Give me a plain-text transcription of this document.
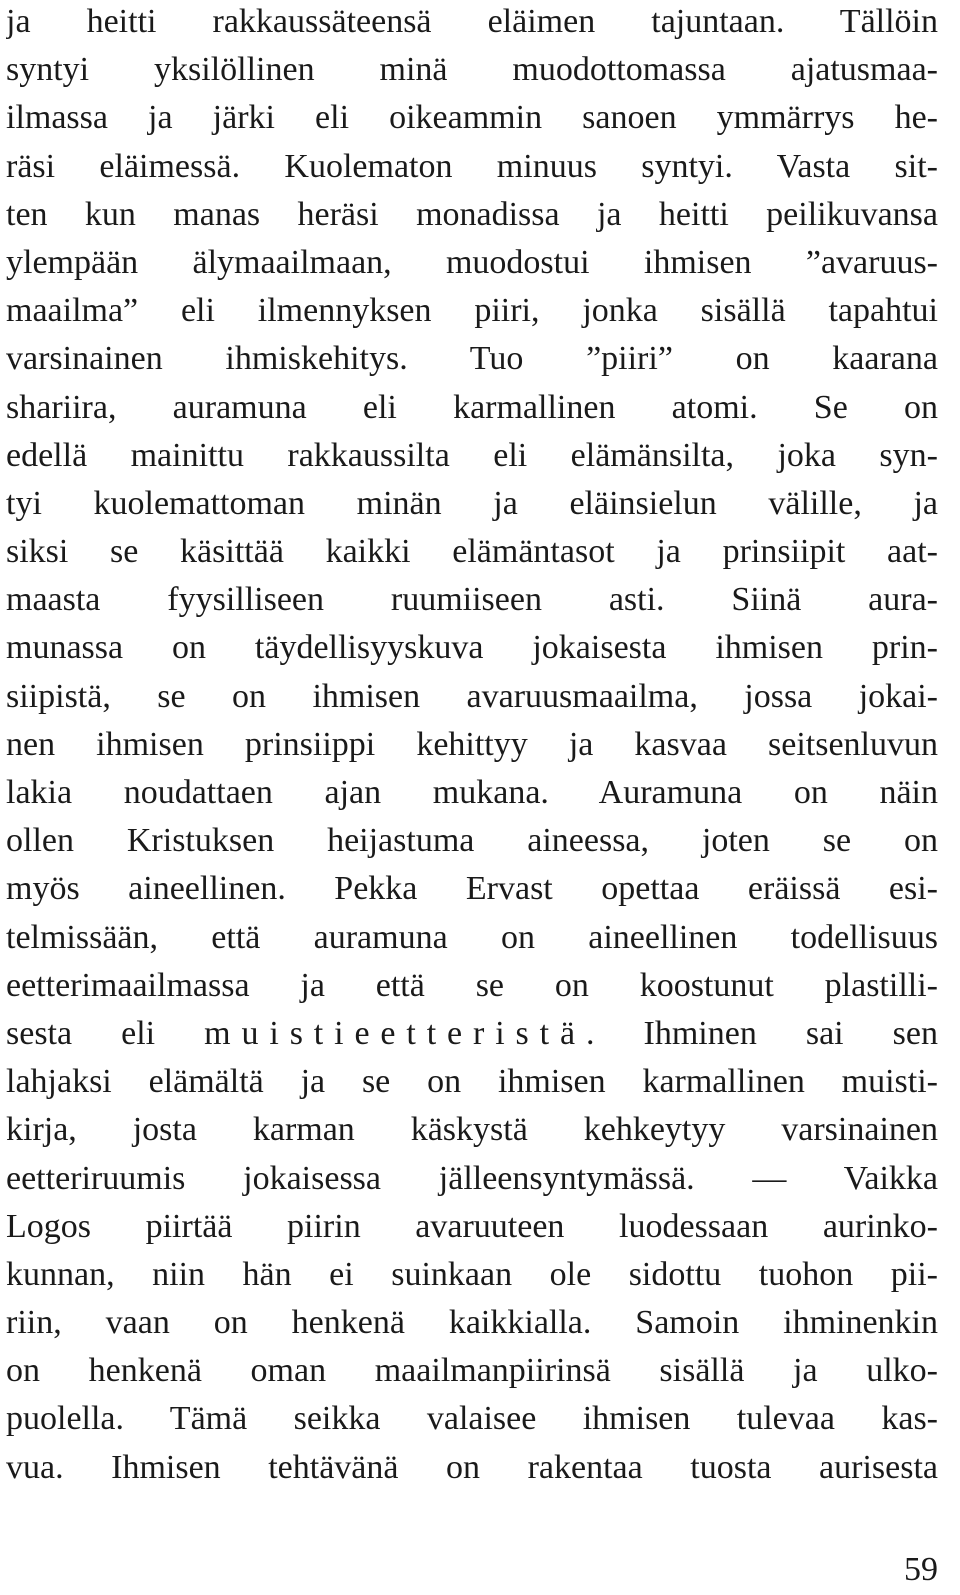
ja heitti rakkaussäteensä eläimen tajuntaan. Tällöin
syntyi yksilöllinen minä muodottomassa ajatusmaa-
ilmassa ja järki eli oikeammin sanoen ymmärrys he-
räsi eläimessä. Kuolematon minuus syntyi. Vasta sit-
ten kun manas heräsi monadissa ja heitti peilikuvansa
ylempään älymaailmaan, muodostui ihmisen ”avaruus-
maailma” eli ilmennyksen piiri, jonka sisällä tapahtui
varsinainen ihmiskehitys. Tuo ”piiri” on kaarana
shariira, auramuna eli karmallinen atomi. Se on
edellä mainittu rakkaussilta eli elämänsilta, joka syn-
tyi kuolemattoman minän ja eläinsielun välille, ja
siksi se käsittää kaikki elämäntasot ja prinsiipit aat-
maasta fyysilliseen ruumiiseen asti. Siinä aura-
munassa on täydellisyyskuva jokaisesta ihmisen prin-
siipistä, se on ihmisen avaruusmaailma, jossa jokai-
nen ihmisen prinsiippi kehittyy ja kasvaa seitsenluvun
lakia noudattaen ajan mukana. Auramuna on näin
ollen Kristuksen heijastuma aineessa, joten se on
myös aineellinen. Pekka Ervast opettaa eräissä esi-
telmissään, että auramuna on aineellinen todellisuus
eetterimaailmassa ja että se on koostunut plastilli-
sesta eli muistieetteristä. Ihminen sai sen
lahjaksi elämältä ja se on ihmisen karmallinen muisti-
kirja, josta karman käskystä kehkeytyy varsinainen
eetteriruumis jokaisessa jälleensyntymässä. — Vaikka
Logos piirtää piirin avaruuteen luodessaan aurinko-
kunnan, niin hän ei suinkaan ole sidottu tuohon pii-
riin, vaan on henkenä kaikkialla. Samoin ihminenkin
on henkenä oman maailmanpiirinsä sisällä ja ulko-
puolella. Tämä seikka valaisee ihmisen tulevaa kas-
vua. Ihmisen tehtävänä on rakentaa tuosta aurisesta
59
